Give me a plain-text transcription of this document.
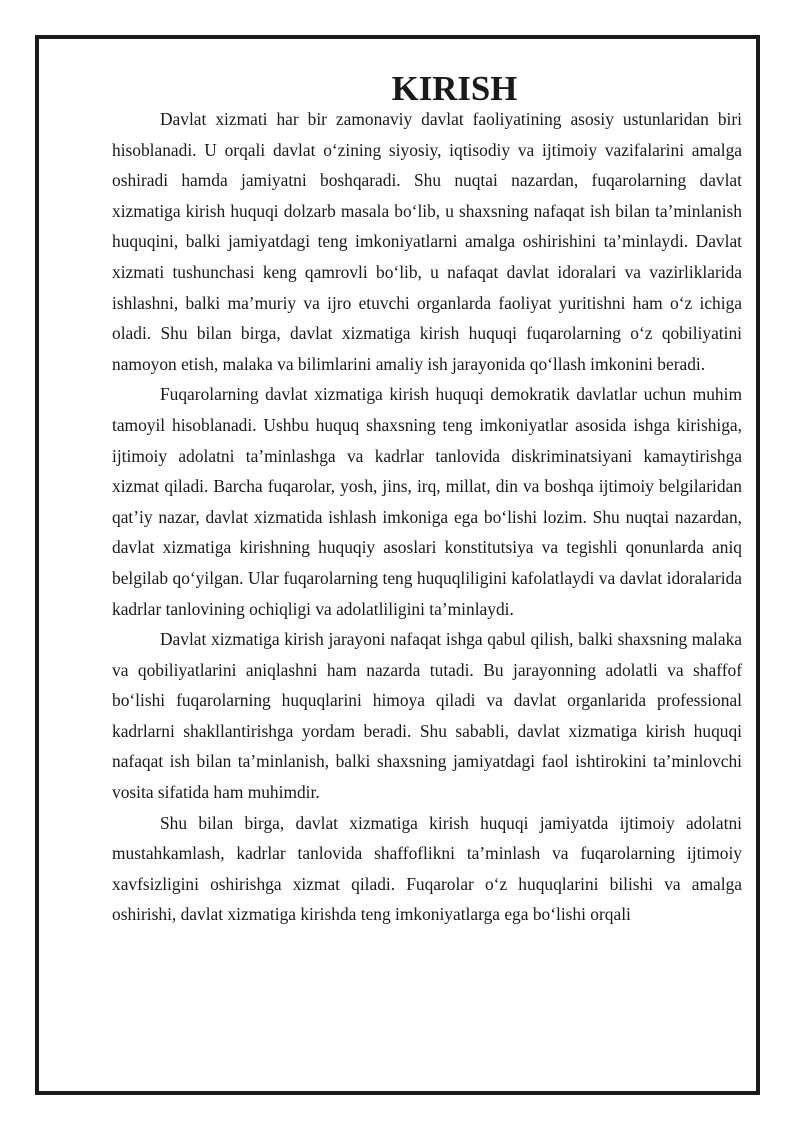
KIRISH

Davlat xizmati har bir zamonaviy davlat faoliyatining asosiy ustunlaridan biri hisoblanadi. U orqali davlat o‘zining siyosiy, iqtisodiy va ijtimoiy vazifalarini amalga oshiradi hamda jamiyatni boshqaradi. Shu nuqtai nazardan, fuqarolarning davlat xizmatiga kirish huquqi dolzarb masala bo‘lib, u shaxsning nafaqat ish bilan ta’minlanish huquqini, balki jamiyatdagi teng imkoniyatlarni amalga oshirishini ta’minlaydi. Davlat xizmati tushunchasi keng qamrovli bo‘lib, u nafaqat davlat idoralari va vazirliklarida ishlashni, balki ma’muriy va ijro etuvchi organlarda faoliyat yuritishni ham o‘z ichiga oladi. Shu bilan birga, davlat xizmatiga kirish huquqi fuqarolarning o‘z qobiliyatini namoyon etish, malaka va bilimlarini amaliy ish jarayonida qo‘llash imkonini beradi.

Fuqarolarning davlat xizmatiga kirish huquqi demokratik davlatlar uchun muhim tamoyil hisoblanadi. Ushbu huquq shaxsning teng imkoniyatlar asosida ishga kirishiga, ijtimoiy adolatni ta’minlashga va kadrlar tanlovida diskriminatsiyani kamaytirishga xizmat qiladi. Barcha fuqarolar, yosh, jins, irq, millat, din va boshqa ijtimoiy belgilaridan qat’iy nazar, davlat xizmatida ishlash imkoniga ega bo‘lishi lozim. Shu nuqtai nazardan, davlat xizmatiga kirishning huquqiy asoslari konstitutsiya va tegishli qonunlarda aniq belgilab qo‘yilgan. Ular fuqarolarning teng huquqliligini kafolatlaydi va davlat idoralarida kadrlar tanlovining ochiqligi va adolatliligini ta’minlaydi.

Davlat xizmatiga kirish jarayoni nafaqat ishga qabul qilish, balki shaxsning malaka va qobiliyatlarini aniqlashni ham nazarda tutadi. Bu jarayonning adolatli va shaffof bo‘lishi fuqarolarning huquqlarini himoya qiladi va davlat organlarida professional kadrlarni shakllantirishga yordam beradi. Shu sababli, davlat xizmatiga kirish huquqi nafaqat ish bilan ta’minlanish, balki shaxsning jamiyatdagi faol ishtirokini ta’minlovchi vosita sifatida ham muhimdir.

Shu bilan birga, davlat xizmatiga kirish huquqi jamiyatda ijtimoiy adolatni mustahkamlash, kadrlar tanlovida shaffoflikni ta’minlash va fuqarolarning ijtimoiy xavfsizligini oshirishga xizmat qiladi. Fuqarolar o‘z huquqlarini bilishi va amalga oshirishi, davlat xizmatiga kirishda teng imkoniyatlarga ega bo‘lishi orqali
